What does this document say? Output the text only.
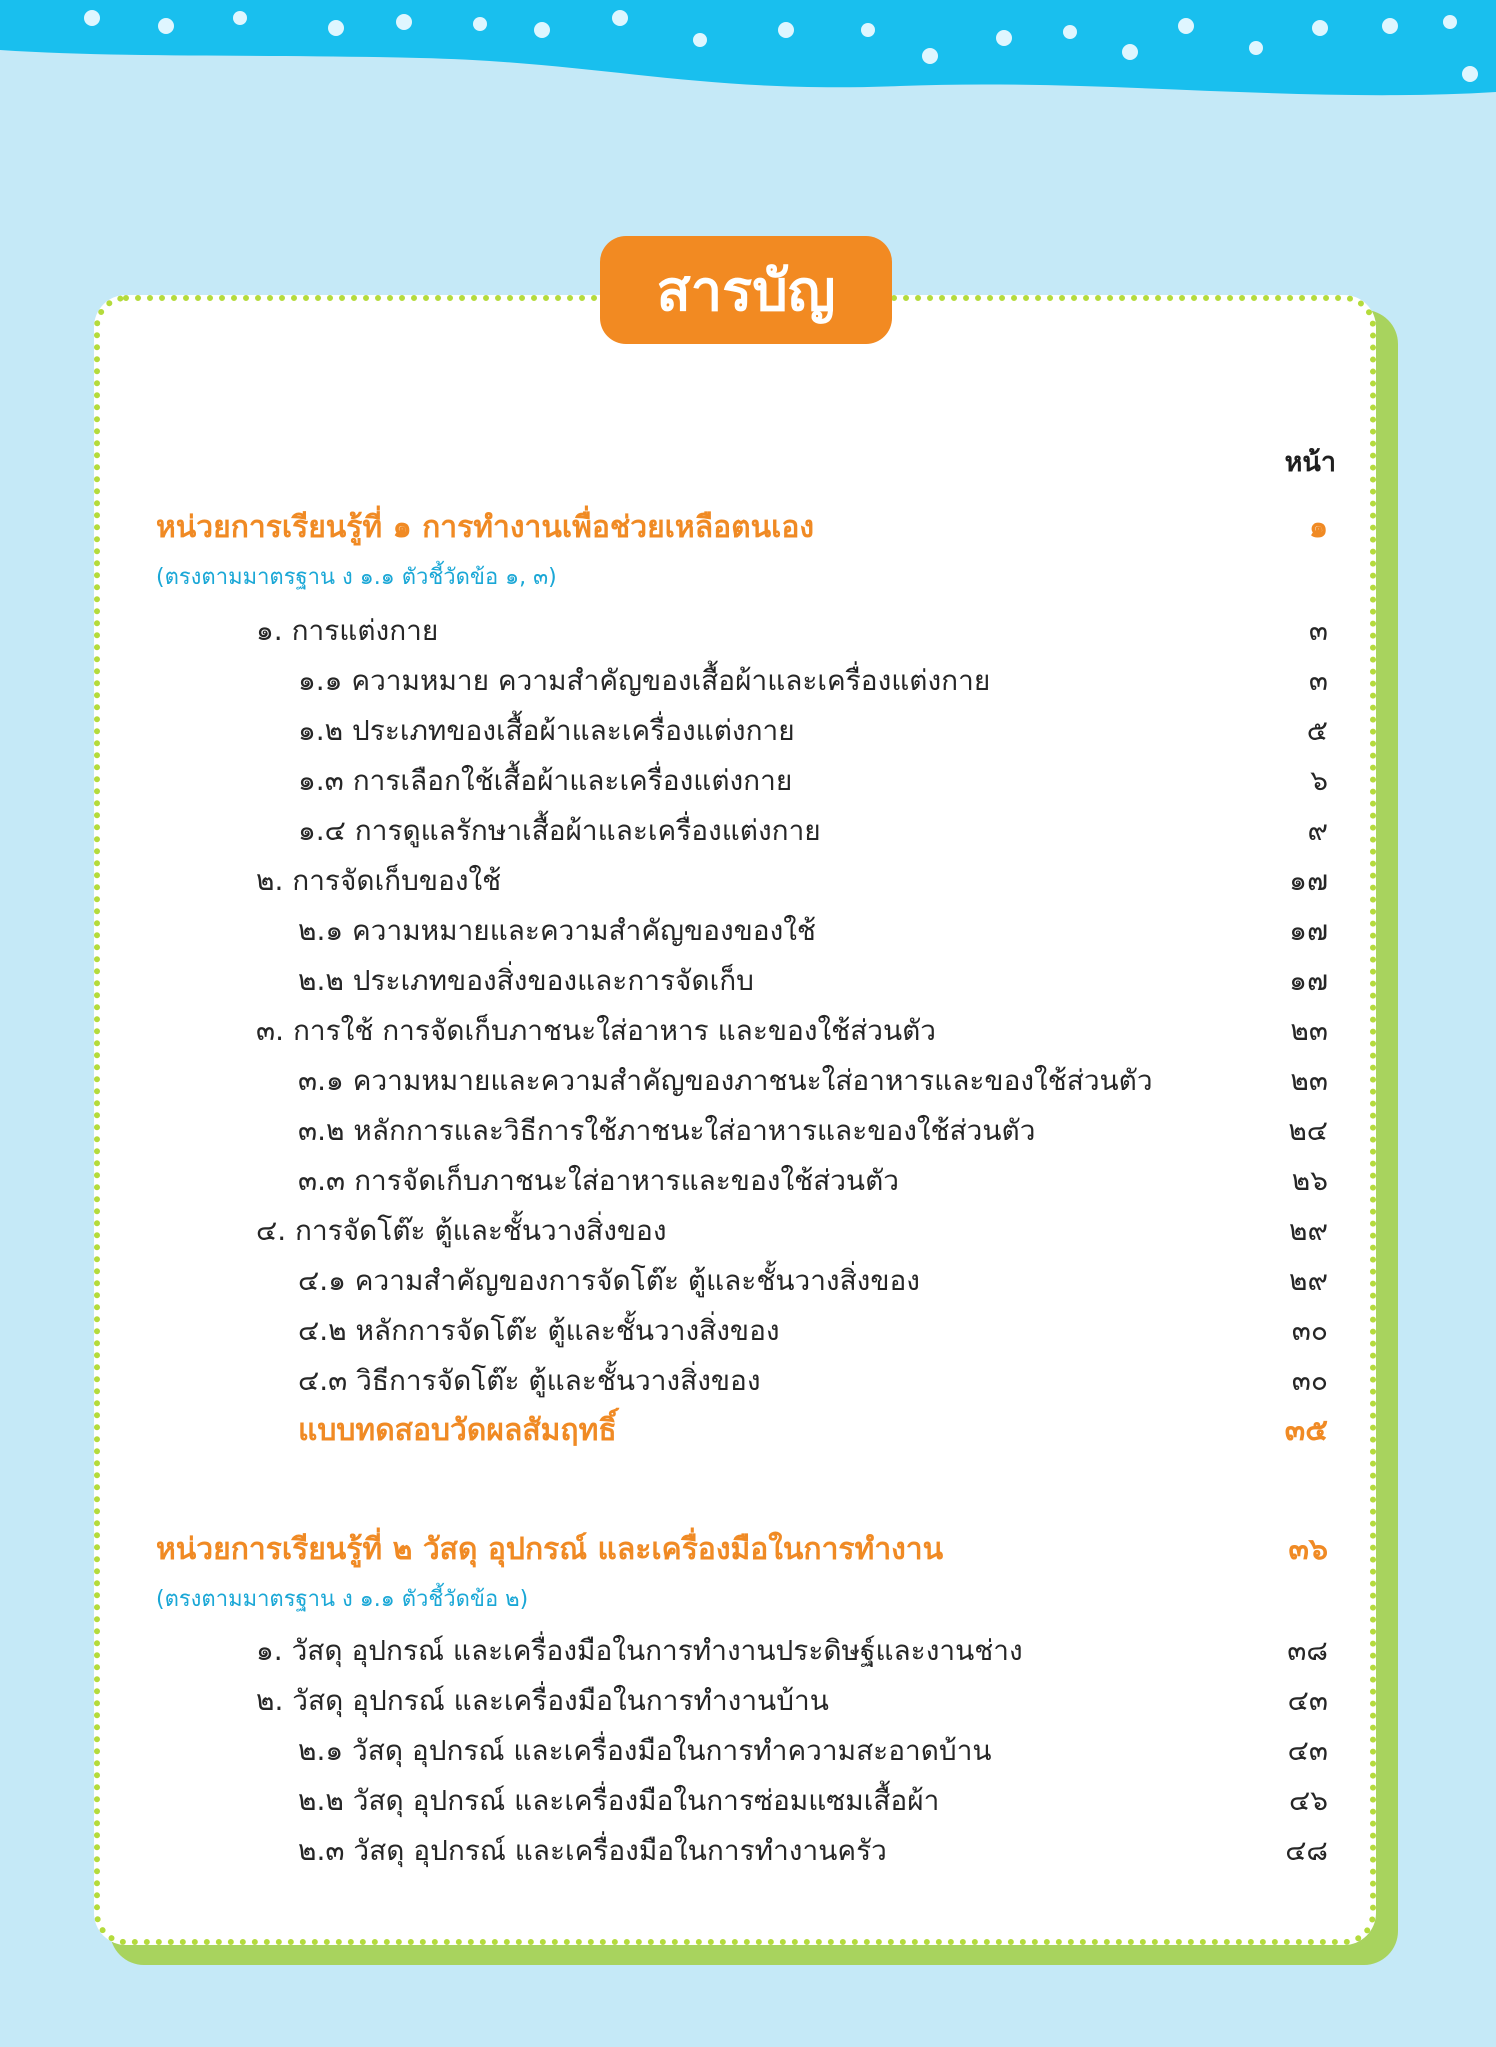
สารบัญ
หน้า
หน่วยการเรียนรู้ที่ ๑ การทำงานเพื่อช่วยเหลือตนเอง	๑
(ตรงตามมาตรฐาน ง ๑.๑ ตัวชี้วัดข้อ ๑, ๓)
๑. การแต่งกาย	๓
๑.๑ ความหมาย ความสำคัญของเสื้อผ้าและเครื่องแต่งกาย	๓
๑.๒ ประเภทของเสื้อผ้าและเครื่องแต่งกาย	๕
๑.๓ การเลือกใช้เสื้อผ้าและเครื่องแต่งกาย	๖
๑.๔ การดูแลรักษาเสื้อผ้าและเครื่องแต่งกาย	๙
๒. การจัดเก็บของใช้	๑๗
๒.๑ ความหมายและความสำคัญของของใช้	๑๗
๒.๒ ประเภทของสิ่งของและการจัดเก็บ	๑๗
๓. การใช้ การจัดเก็บภาชนะใส่อาหาร และของใช้ส่วนตัว	๒๓
๓.๑ ความหมายและความสำคัญของภาชนะใส่อาหารและของใช้ส่วนตัว	๒๓
๓.๒ หลักการและวิธีการใช้ภาชนะใส่อาหารและของใช้ส่วนตัว	๒๔
๓.๓ การจัดเก็บภาชนะใส่อาหารและของใช้ส่วนตัว	๒๖
๔. การจัดโต๊ะ ตู้และชั้นวางสิ่งของ	๒๙
๔.๑ ความสำคัญของการจัดโต๊ะ ตู้และชั้นวางสิ่งของ	๒๙
๔.๒ หลักการจัดโต๊ะ ตู้และชั้นวางสิ่งของ	๓๐
๔.๓ วิธีการจัดโต๊ะ ตู้และชั้นวางสิ่งของ	๓๐
แบบทดสอบวัดผลสัมฤทธิ์	๓๕
หน่วยการเรียนรู้ที่ ๒ วัสดุ อุปกรณ์ และเครื่องมือในการทำงาน	๓๖
(ตรงตามมาตรฐาน ง ๑.๑ ตัวชี้วัดข้อ ๒)
๑. วัสดุ อุปกรณ์ และเครื่องมือในการทำงานประดิษฐ์และงานช่าง	๓๘
๒. วัสดุ อุปกรณ์ และเครื่องมือในการทำงานบ้าน	๔๓
๒.๑ วัสดุ อุปกรณ์ และเครื่องมือในการทำความสะอาดบ้าน	๔๓
๒.๒ วัสดุ อุปกรณ์ และเครื่องมือในการซ่อมแซมเสื้อผ้า	๔๖
๒.๓ วัสดุ อุปกรณ์ และเครื่องมือในการทำงานครัว	๔๘
